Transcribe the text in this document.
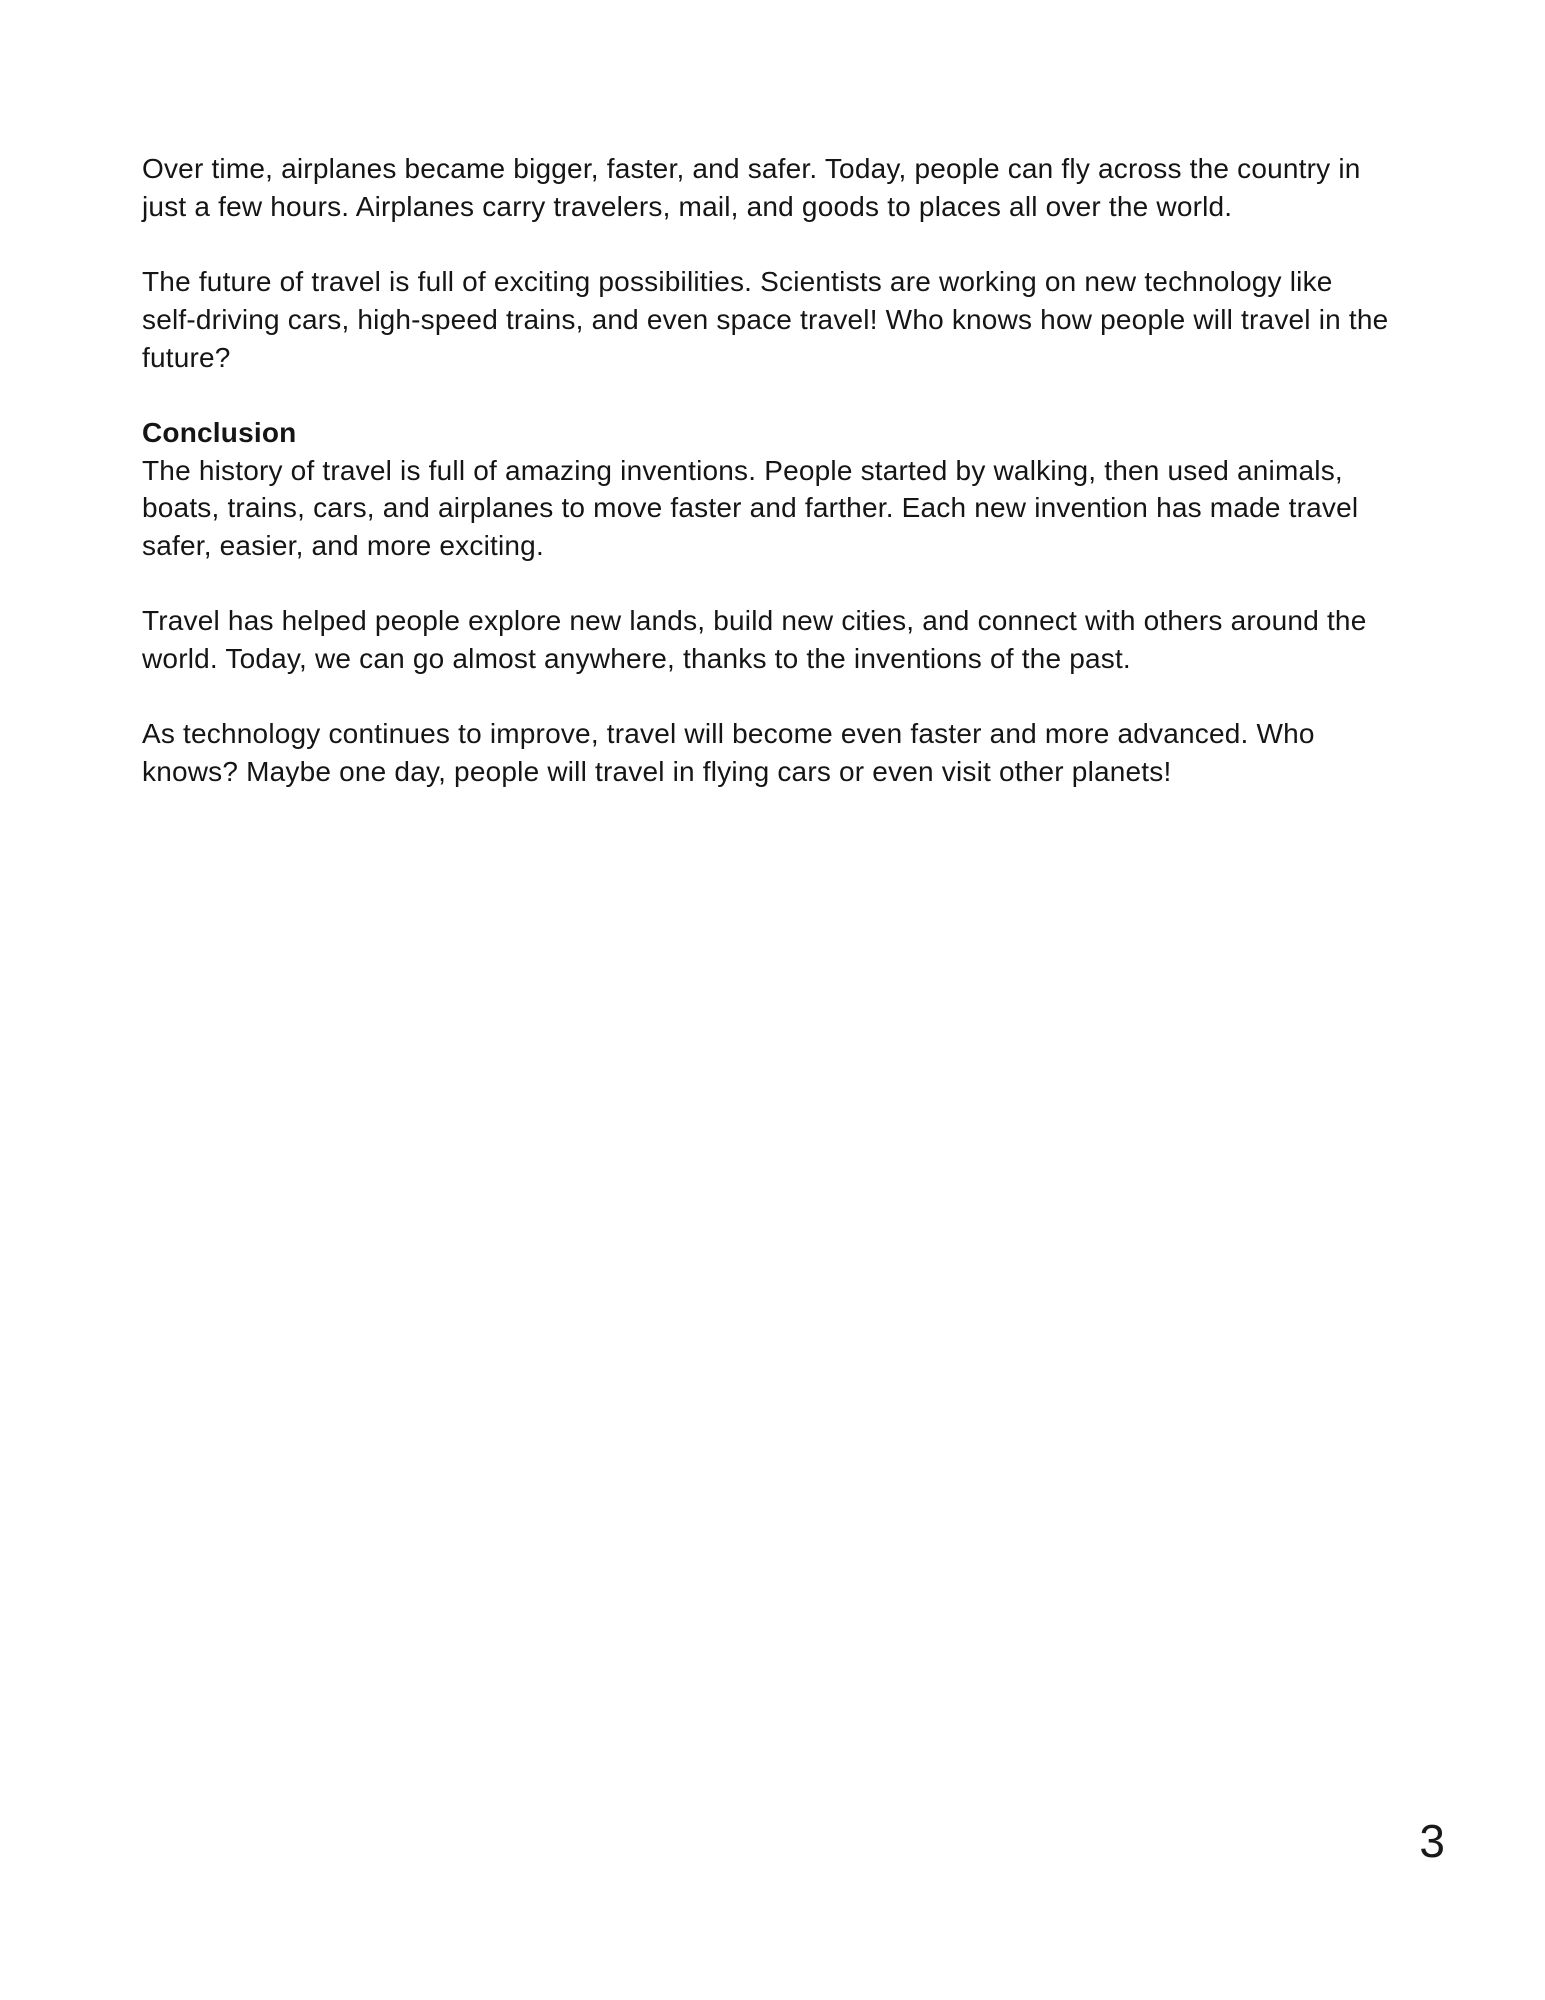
Over time, airplanes became bigger, faster, and safer. Today, people can fly across the country in
just a few hours. Airplanes carry travelers, mail, and goods to places all over the world.
The future of travel is full of exciting possibilities. Scientists are working on new technology like
self-driving cars, high-speed trains, and even space travel! Who knows how people will travel in the
future?
Conclusion
The history of travel is full of amazing inventions. People started by walking, then used animals,
boats, trains, cars, and airplanes to move faster and farther. Each new invention has made travel
safer, easier, and more exciting.
Travel has helped people explore new lands, build new cities, and connect with others around the
world. Today, we can go almost anywhere, thanks to the inventions of the past.
As technology continues to improve, travel will become even faster and more advanced. Who
knows? Maybe one day, people will travel in flying cars or even visit other planets!
3
